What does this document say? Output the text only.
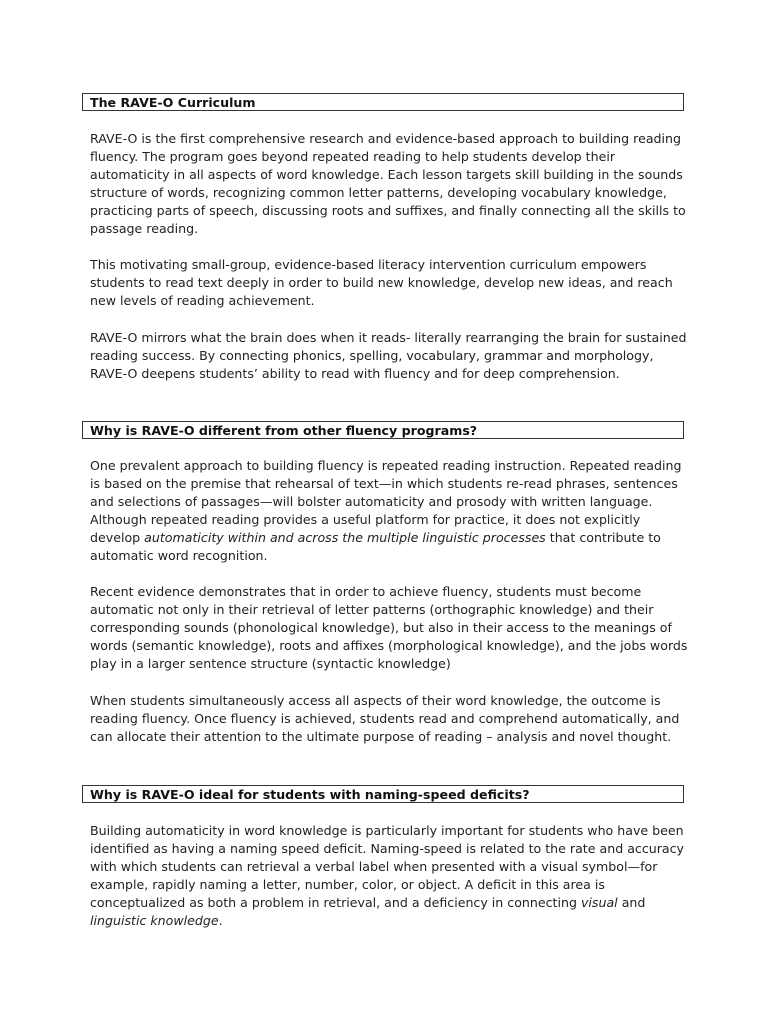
The RAVE-O Curriculum

RAVE-O is the first comprehensive research and evidence-based approach to building reading fluency. The program goes beyond repeated reading to help students develop their automaticity in all aspects of word knowledge. Each lesson targets skill building in the sounds structure of words, recognizing common letter patterns, developing vocabulary knowledge, practicing parts of speech, discussing roots and suffixes, and finally connecting all the skills to passage reading.

This motivating small-group, evidence-based literacy intervention curriculum empowers students to read text deeply in order to build new knowledge, develop new ideas, and reach new levels of reading achievement.

RAVE-O mirrors what the brain does when it reads- literally rearranging the brain for sustained reading success. By connecting phonics, spelling, vocabulary, grammar and morphology, RAVE-O deepens students’ ability to read with fluency and for deep comprehension.

Why is RAVE-O different from other fluency programs?

One prevalent approach to building fluency is repeated reading instruction. Repeated reading is based on the premise that rehearsal of text—in which students re-read phrases, sentences and selections of passages—will bolster automaticity and prosody with written language. Although repeated reading provides a useful platform for practice, it does not explicitly develop automaticity within and across the multiple linguistic processes that contribute to automatic word recognition.

Recent evidence demonstrates that in order to achieve fluency, students must become automatic not only in their retrieval of letter patterns (orthographic knowledge) and their corresponding sounds (phonological knowledge), but also in their access to the meanings of words (semantic knowledge), roots and affixes (morphological knowledge), and the jobs words play in a larger sentence structure (syntactic knowledge)

When students simultaneously access all aspects of their word knowledge, the outcome is reading fluency. Once fluency is achieved, students read and comprehend automatically, and can allocate their attention to the ultimate purpose of reading – analysis and novel thought.

Why is RAVE-O ideal for students with naming-speed deficits?

Building automaticity in word knowledge is particularly important for students who have been identified as having a naming speed deficit. Naming-speed is related to the rate and accuracy with which students can retrieval a verbal label when presented with a visual symbol—for example, rapidly naming a letter, number, color, or object. A deficit in this area is conceptualized as both a problem in retrieval, and a deficiency in connecting visual and linguistic knowledge.
